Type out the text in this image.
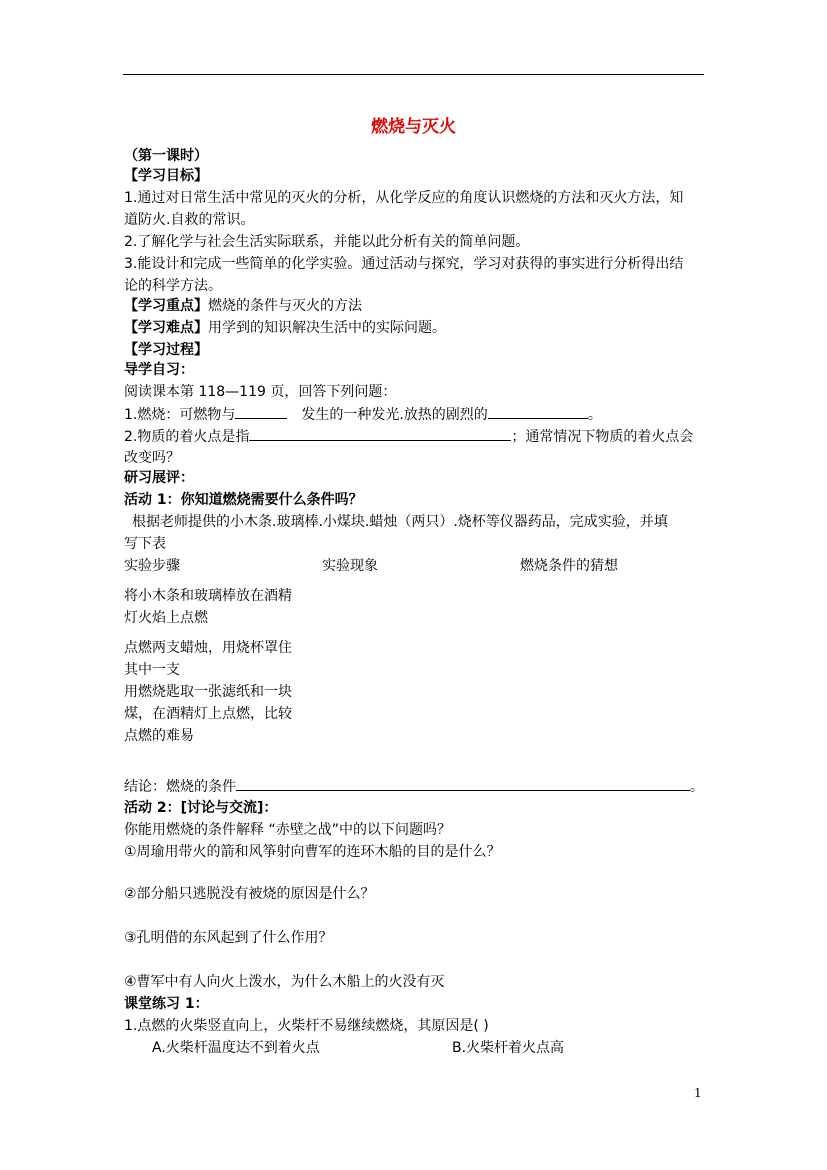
燃烧与灭火
（第一课时）
【学习目标】
1.通过对日常生活中常见的灭火的分析，从化学反应的角度认识燃烧的方法和灭火方法，知
道防火.自救的常识。
2.了解化学与社会生活实际联系，并能以此分析有关的简单问题。
3.能设计和完成一些简单的化学实验。通过活动与探究，学习对获得的事实进行分析得出结
论的科学方法。
【学习重点】燃烧的条件与灭火的方法
【学习难点】用学到的知识解决生活中的实际问题。
【学习过程】
导学自习：
阅读课本第 118—119 页，回答下列问题：
1.燃烧：可燃物与	发生的一种发光.放热的剧烈的	。
2.物质的着火点是指	；通常情况下物质的着火点会
改变吗？
研习展评：
活动 1：你知道燃烧需要什么条件吗？
根据老师提供的小木条.玻璃棒.小煤块.蜡烛（两只）.烧杯等仪器药品，完成实验，并填
写下表
实验步骤	实验现象	燃烧条件的猜想
将小木条和玻璃棒放在酒精
灯火焰上点燃
点燃两支蜡烛，用烧杯罩住
其中一支
用燃烧匙取一张滤纸和一块
煤，在酒精灯上点燃，比较
点燃的难易
结论：燃烧的条件	。
活动 2：[讨论与交流]：
你能用燃烧的条件解释 “赤壁之战”中的以下问题吗？
①周瑜用带火的箭和风筝射向曹军的连环木船的目的是什么？
②部分船只逃脱没有被烧的原因是什么？
③孔明借的东风起到了什么作用？
④曹军中有人向火上泼水，为什么木船上的火没有灭
课堂练习 1：
1.点燃的火柴竖直向上，火柴杆不易继续燃烧，其原因是( )
A.火柴杆温度达不到着火点	B.火柴杆着火点高
1
